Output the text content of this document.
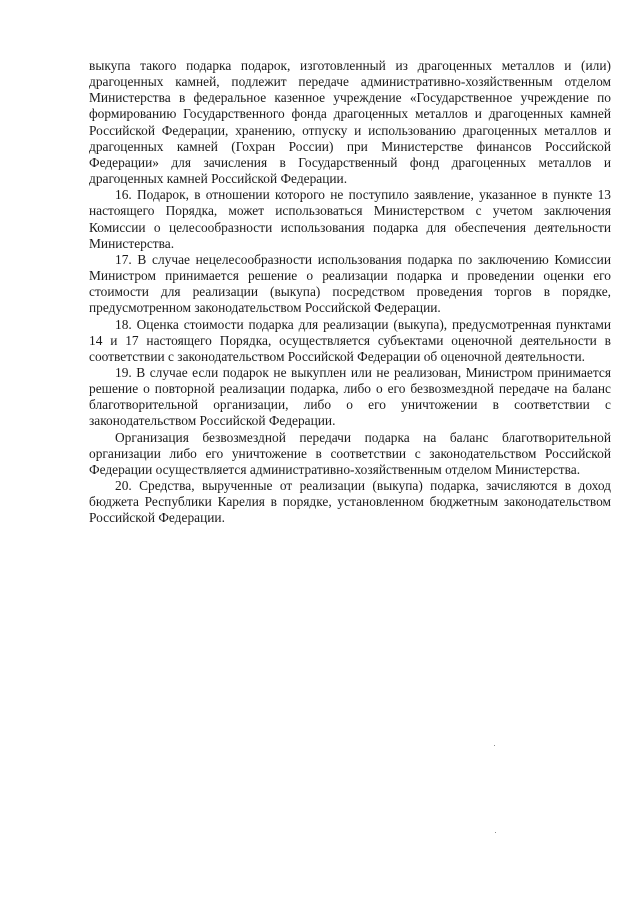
выкупа такого подарка подарок, изготовленный из драгоценных металлов и (или) драгоценных камней, подлежит передаче административно-хозяйственным отделом Министерства в федеральное казенное учреждение «Государственное учреждение по формированию Государственного фонда драгоценных металлов и драгоценных камней Российской Федерации, хранению, отпуску и использованию драгоценных металлов и драгоценных камней (Гохран России) при Министерстве финансов Российской Федерации» для зачисления в Государственный фонд драгоценных металлов и драгоценных камней Российской Федерации.

16. Подарок, в отношении которого не поступило заявление, указанное в пункте 13 настоящего Порядка, может использоваться Министерством с учетом заключения Комиссии о целесообразности использования подарка для обеспечения деятельности Министерства.

17. В случае нецелесообразности использования подарка по заключению Комиссии Министром принимается решение о реализации подарка и проведении оценки его стоимости для реализации (выкупа) посредством проведения торгов в порядке, предусмотренном законодательством Российской Федерации.

18. Оценка стоимости подарка для реализации (выкупа), предусмотренная пунктами 14 и 17 настоящего Порядка, осуществляется субъектами оценочной деятельности в соответствии с законодательством Российской Федерации об оценочной деятельности.

19. В случае если подарок не выкуплен или не реализован, Министром принимается решение о повторной реализации подарка, либо о его безвозмездной передаче на баланс благотворительной организации, либо о его уничтожении в соответствии с законодательством Российской Федерации.

Организация безвозмездной передачи подарка на баланс благотворительной организации либо его уничтожение в соответствии с законодательством Российской Федерации осуществляется административно-хозяйственным отделом Министерства.

20. Средства, вырученные от реализации (выкупа) подарка, зачисляются в доход бюджета Республики Карелия в порядке, установленном бюджетным законодательством Российской Федерации.
